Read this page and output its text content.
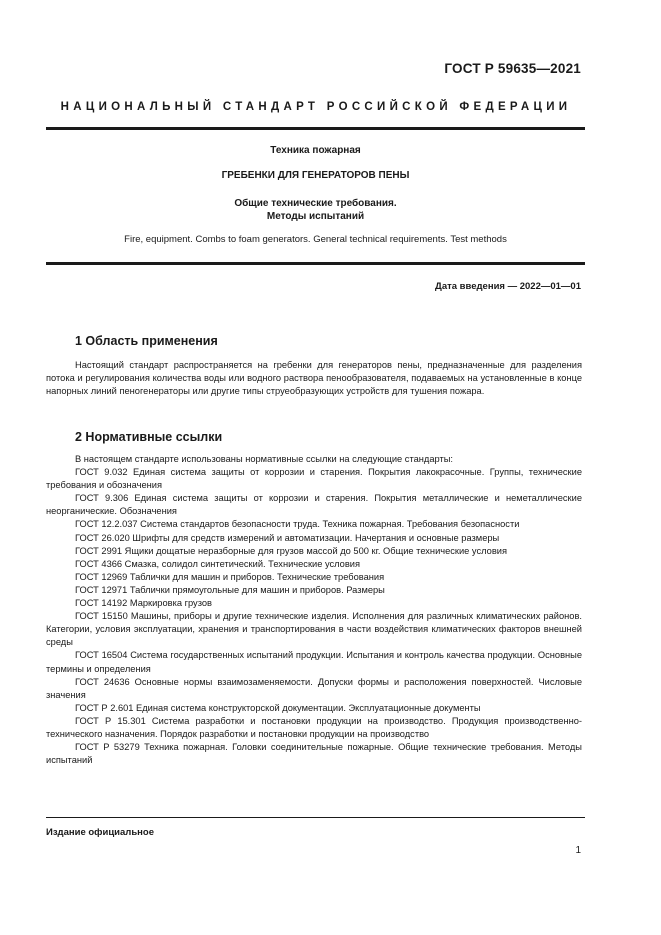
ГОСТ Р 59635—2021
НАЦИОНАЛЬНЫЙ СТАНДАРТ РОССИЙСКОЙ ФЕДЕРАЦИИ
Техника пожарная
ГРЕБЕНКИ ДЛЯ ГЕНЕРАТОРОВ ПЕНЫ
Общие технические требования.
Методы испытаний
Fire, equipment. Combs to foam generators. General technical requirements. Test methods
Дата введения — 2022—01—01
1 Область применения

Настоящий стандарт распространяется на гребенки для генераторов пены, предназначенные для разделения потока и регулирования количества воды или водного раствора пенообразователя, подаваемых на установленные в конце напорных линий пеногенераторы или другие типы струеобразующих устройств для тушения пожара.

2 Нормативные ссылки

В настоящем стандарте использованы нормативные ссылки на следующие стандарты:

ГОСТ 9.032 Единая система защиты от коррозии и старения. Покрытия лакокрасочные. Группы, технические требования и обозначения

ГОСТ 9.306 Единая система защиты от коррозии и старения. Покрытия металлические и неметаллические неорганические. Обозначения

ГОСТ 12.2.037 Система стандартов безопасности труда. Техника пожарная. Требования безопасности

ГОСТ 26.020 Шрифты для средств измерений и автоматизации. Начертания и основные размеры

ГОСТ 2991 Ящики дощатые неразборные для грузов массой до 500 кг. Общие технические условия

ГОСТ 4366 Смазка, солидол синтетический. Технические условия

ГОСТ 12969 Таблички для машин и приборов. Технические требования

ГОСТ 12971 Таблички прямоугольные для машин и приборов. Размеры

ГОСТ 14192 Маркировка грузов

ГОСТ 15150 Машины, приборы и другие технические изделия. Исполнения для различных климатических районов. Категории, условия эксплуатации, хранения и транспортирования в части воздействия климатических факторов внешней среды

ГОСТ 16504 Система государственных испытаний продукции. Испытания и контроль качества продукции. Основные термины и определения

ГОСТ 24636 Основные нормы взаимозаменяемости. Допуски формы и расположения поверхностей. Числовые значения

ГОСТ Р 2.601 Единая система конструкторской документации. Эксплуатационные документы

ГОСТ Р 15.301 Система разработки и постановки продукции на производство. Продукция производственно-технического назначения. Порядок разработки и постановки продукции на производство

ГОСТ Р 53279 Техника пожарная. Головки соединительные пожарные. Общие технические требования. Методы испытаний

Издание официальное
1
